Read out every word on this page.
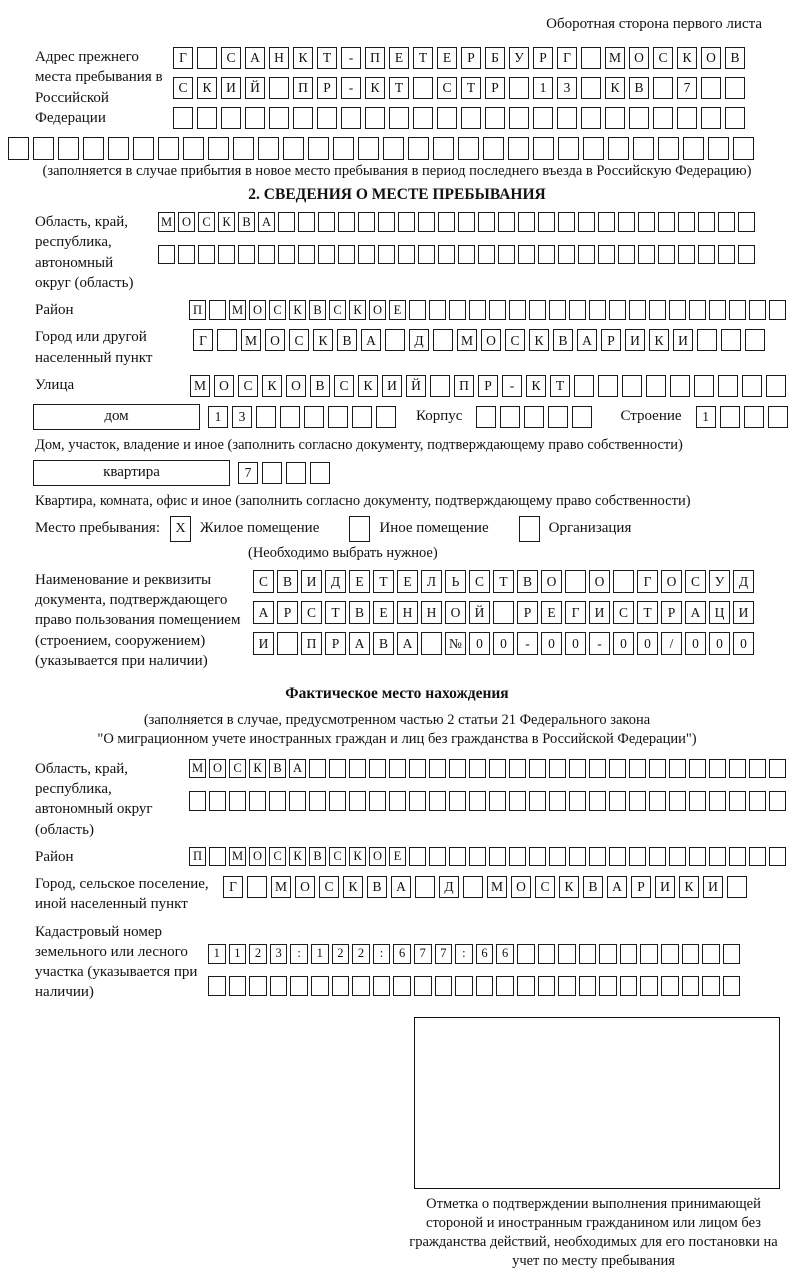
Оборотная сторона первого листа
Адрес прежнего места пребывания в Российской Федерации
Г	С	А	Н	К	Т	-	П	Е	Т	Е	Р	Б	У	Р	Г	М О	С	К	О	В
С	К	И	Й	П	Р	-	К	Т	С	Т	Р	1	3	К	В	7
(заполняется в случае прибытия в новое место пребывания в период последнего въезда в Российскую Федерацию)
2. СВЕДЕНИЯ О МЕСТЕ ПРЕБЫВАНИЯ
Область, край, республика, автономный округ (область)
М О С К В А
Район	П	М О С К В С К О Е
Город или другой населенный пункт
Г	М О	С	К	В	А	Д	М О	С	К	В	А	Р	И	К	И
Улица	М О	С	К	О	В	С	К	И	Й	П	Р	-	К	Т
дом	1	3	Корпус	Строение	1
Дом, участок, владение и иное (заполнить согласно документу, подтверждающему право собственности)
квартира	7
Квартира, комната, офис и иное (заполнить согласно документу, подтверждающему право собственности)
Место пребывания:	X Жилое помещение	Иное помещение	Организация
(Необходимо выбрать нужное)
Наименование и реквизиты документа, подтверждающего право пользования помещением (строением, сооружением) (указывается при наличии)
С	В	И	Д	Е	Т	Е	Л	Ь	С	Т	В	О	О	Г	О	С	У	Д
А	Р	С	Т	В	Е	Н	Н	О	Й	Р	Е	Г	И	С	Т	Р	А	Ц	И
И	П	Р	А	В	А	№	0	0	-	0	0	-	0	0	/	0	0	0
Фактическое место нахождения
(заполняется в случае, предусмотренном частью 2 статьи 21 Федерального закона
"О миграционном учете иностранных граждан и лиц без гражданства в Российской Федерации")
Область, край, республика, автономный округ (область)
М О С К В А
Район	П	М О С К В С К О Е
Город, сельское поселение, иной населенный пункт
Г	М О	С	К	В	А	Д	М О	С	К	В	А	Р	И	К	И
Кадастровый номер земельного или лесного участка (указывается при наличии)
1	1	2	3	:	1	2	2	:	6	7	7	:	6	6
Отметка о подтверждении выполнения принимающей стороной и иностранным гражданином или лицом без гражданства действий, необходимых для его постановки на учет по месту пребывания
